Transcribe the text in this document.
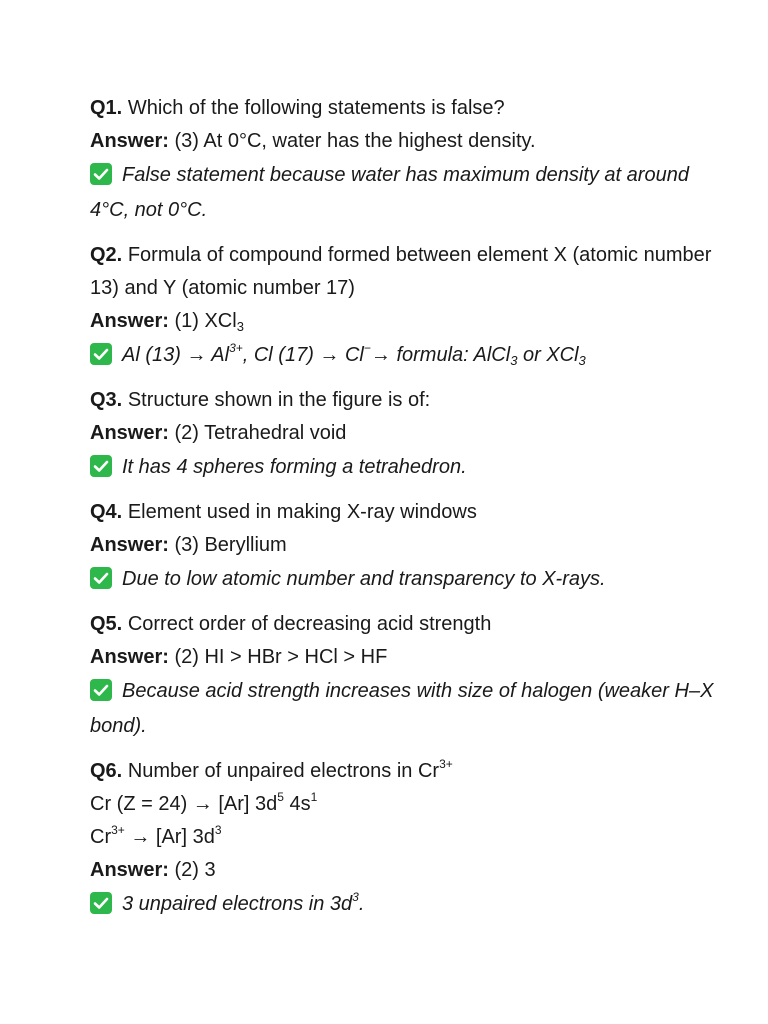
Q1. Which of the following statements is false?

Answer: (3) At 0°C, water has the highest density.

False statement because water has maximum density at around 4°C, not 0°C.

Q2. Formula of compound formed between element X (atomic number 13) and Y (atomic number 17)

Answer: (1) XCl$_3$

Al $(13) \to Al^{3+}$, Cl (17) → Cl−→ formula: AlCl$_3$ or XCl$_3$

Q3. Structure shown in the figure is of:

Answer: (2) Tetrahedral void

It has 4 spheres forming a tetrahedron.

Q4. Element used in making X-ray windows

Answer: (3) Beryllium

Due to low atomic number and transparency to X-rays.

Q5. Correct order of decreasing acid strength

Answer: (2) HI > HBr > HCl > HF

Because acid strength increases with size of halogen (weaker H–X bond).

Q6. Number of unpaired electrons in $Cr^{3+}$

Cr (Z = 24) → [Ar] $3d^5$ $4s^1$

$Cr^{3+} \to [Ar]$ $3d^3$

Answer: (2) 3

3 unpaired electrons in $3d^3$.
